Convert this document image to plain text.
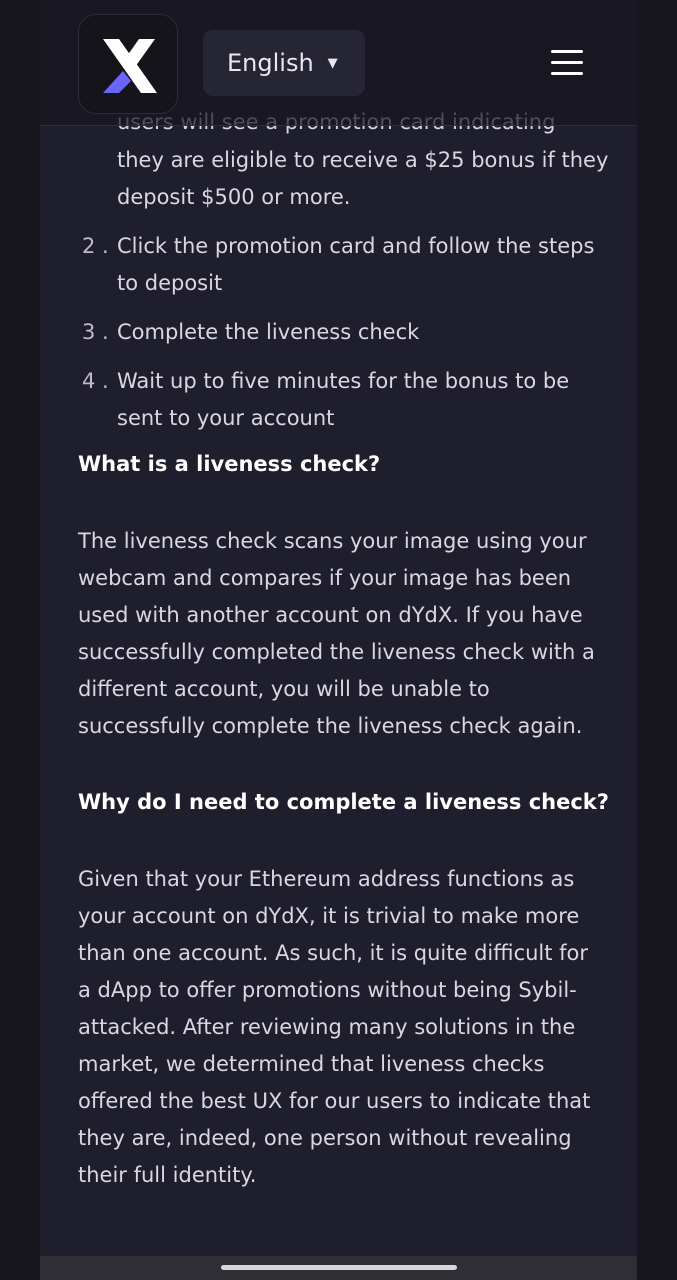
they are eligible to receive a $25 bonus if they deposit $500 or more.
2 . Click the promotion card and follow the steps to deposit
3 . Complete the liveness check
4 . Wait up to five minutes for the bonus to be sent to your account
What is a liveness check?

The liveness check scans your image using your webcam and compares if your image has been used with another account on dYdX. If you have successfully completed the liveness check with a different account, you will be unable to successfully complete the liveness check again.

Why do I need to complete a liveness check?

Given that your Ethereum address functions as your account on dYdX, it is trivial to make more than one account. As such, it is quite difficult for a dApp to offer promotions without being Sybil-attacked. After reviewing many solutions in the market, we determined that liveness checks offered the best UX for our users to indicate that they are, indeed, one person without revealing their full identity.

English ▼
